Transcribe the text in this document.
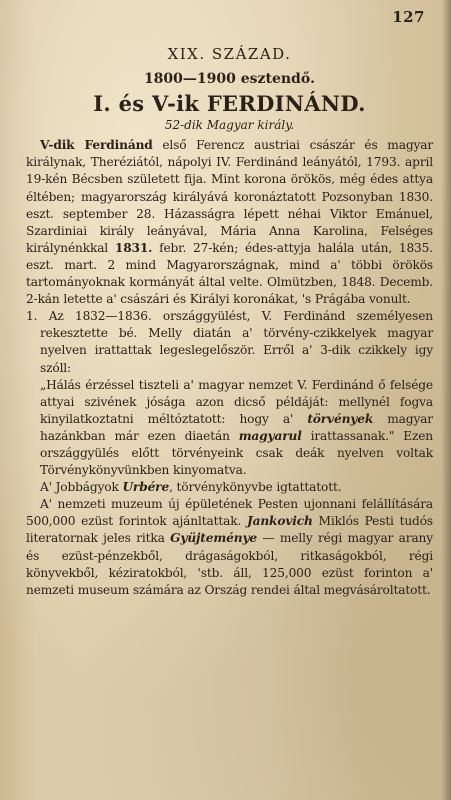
127
XIX. SZÁZAD.
1800—1900 esztendő.
I. és V-ik FERDINÁND.
52-dik Magyar király.

V-dik Ferdinánd első Ferencz austriai császár és magyar királynak, Theréziától, nápolyi IV. Ferdinánd leányától, 1793. april 19-kén Bécsben született fija. Mint korona örökös, még édes attya éltében; magyarország királyává koronáztatott Pozsonyban 1830. eszt. september 28. Házasságra lépett néhai Viktor Emánuel, Szardiniai király leányával, Mária Anna Karolina, Felséges királynénkkal 1831. febr. 27-kén; édes-attyja halála után, 1835. eszt. mart. 2 mind Magyarországnak, mind a' többi örökös tartományoknak kormányát által velte. Olmützben, 1848. Decemb. 2-kán letette a' császári és Királyi koronákat, 's Prágába vonult.

1. Az 1832—1836. országgyülést, V. Ferdinánd személyesen rekesztette bé. Melly diatán a' törvény-czikkelyek magyar nyelven irattattak legeslegelőször. Erről a' 3-dik czikkely igy szóll:

„Hálás érzéssel tiszteli a' magyar nemzet V. Ferdinánd ő felsége attyai szivének jósága azon dicső példáját: mellynél fogva kinyilatkoztatni méltóztatott: hogy a' törvények magyar hazánkban már ezen diaetán magyarul irattassanak." Ezen országgyülés előtt törvényeink csak deák nyelven voltak Törvénykönyvünkben kinyomatva.

A' Jobbágyok Urbére, törvénykönyvbe igtattatott.

A' nemzeti muzeum új épületének Pesten ujonnani felállítására 500,000 ezüst forintok ajánltattak. Jankovich Miklós Pesti tudós literatornak jeles ritka Gyüjteménye — melly régi magyar arany és ezüst-pénzekből, drágaságokból, ritkaságokból, régi könyvekből, kéziratokból, 'stb. áll, 125,000 ezüst forinton a' nemzeti museum számára az Ország rendei által megvásároltatott.
